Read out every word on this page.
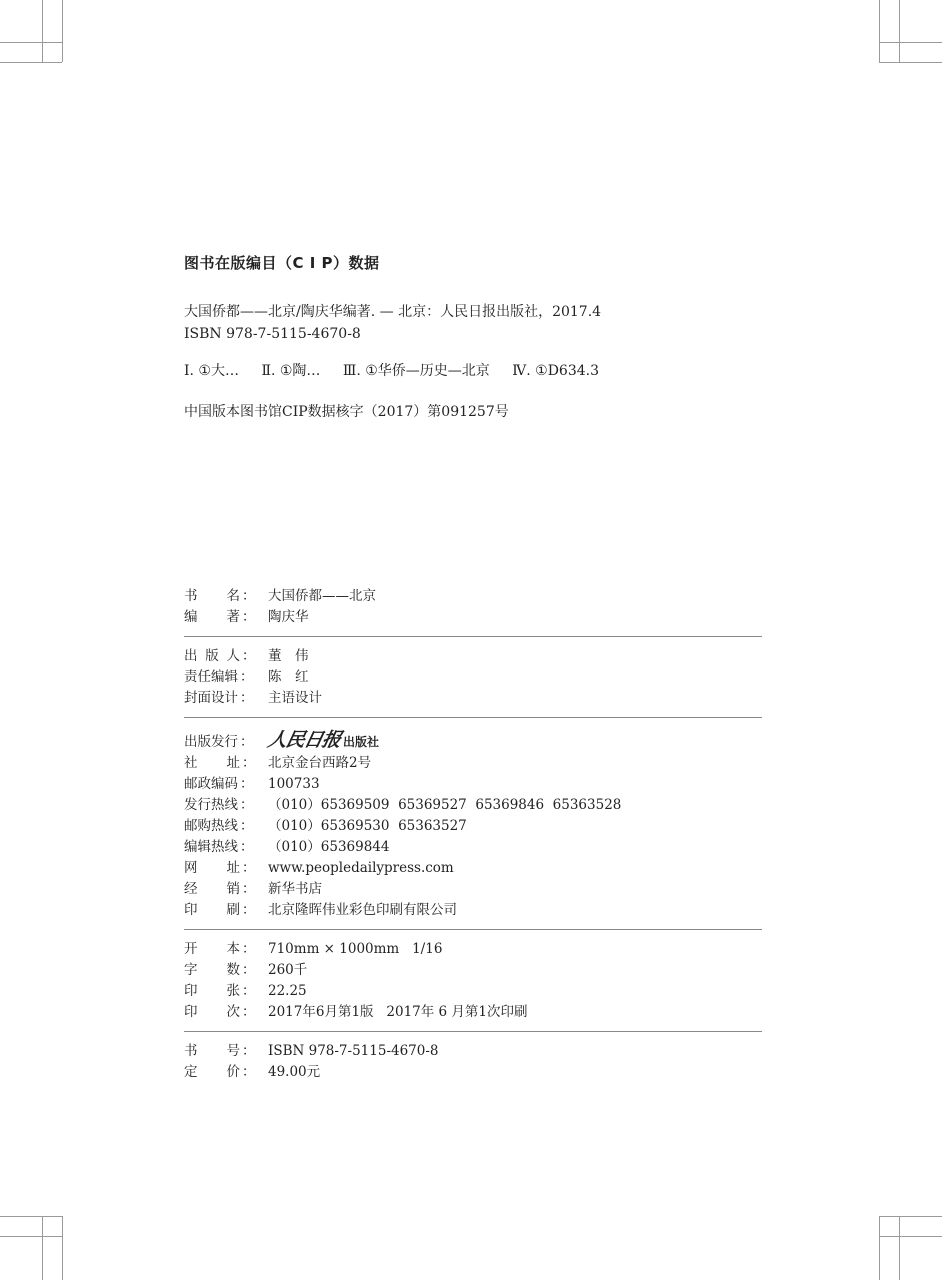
图书在版编目（C I P）数据

大国侨都——北京/陶庆华编著. — 北京：人民日报出版社，2017.4

ISBN 978-7-5115-4670-8

Ⅰ. ①大… Ⅱ. ①陶… Ⅲ. ①华侨—历史—北京 Ⅳ. ①D634.3

中国版本图书馆CIP数据核字（2017）第091257号

书 名 ： 大国侨都——北京
编 著 ： 陶庆华
出 版 人 ： 董　伟
责任编辑 ：	陈　红
封面设计 ：	主语设计
出版发行 ： 人民日报 出版社
社 址 ： 北京金台西路2号
邮政编码 ：	100733
发行热线 ：	（010）65369509  65369527  65369846  65363528
邮购热线 ：	（010）65369530  65363527
编辑热线 ：	（010）65369844
网 址 ： www.peopledailypress.com
经 销 ： 新华书店
印 刷 ： 北京隆晖伟业彩色印刷有限公司
开 本 ： 710mm × 1000mm   1/16
字 数 ： 260千
印 张 ： 22.25
印 次 ： 2017年6月第1版   2017年 6 月第1次印刷
书 号 ： ISBN 978-7-5115-4670-8
定 价 ： 49.00元
